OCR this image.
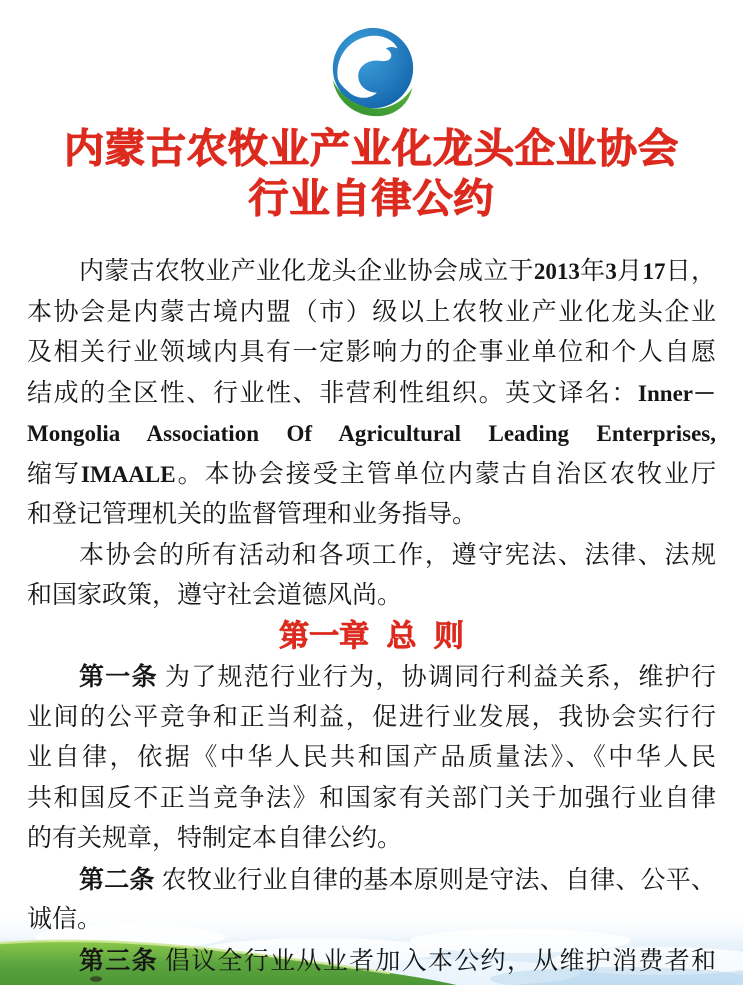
内蒙古农牧业产业化龙头企业协会
行业自律公约
内蒙古农牧业产业化龙头企业协会成立于2013年3月17日，
本协会是内蒙古境内盟（市）级以上农牧业产业化龙头企业
及相关行业领域内具有一定影响力的企事业单位和个人自愿
结成的全区性、行业性、非营利性组织。英文译名：Inner－
Mongolia Association Of Agricultural Leading Enterprises,
缩写IMAALE。本协会接受主管单位内蒙古自治区农牧业厅
和登记管理机关的监督管理和业务指导。
本协会的所有活动和各项工作，遵守宪法、法律、法规
和国家政策，遵守社会道德风尚。
第一章 总 则
第一条 为了规范行业行为，协调同行利益关系，维护行
业间的公平竞争和正当利益，促进行业发展，我协会实行行
业自律，依据《中华人民共和国产品质量法》、《中华人民
共和国反不正当竞争法》和国家有关部门关于加强行业自律
的有关规章，特制定本自律公约。
第二条 农牧业行业自律的基本原则是守法、自律、公平、
诚信。
第三条 倡议全行业从业者加入本公约，从维护消费者和
